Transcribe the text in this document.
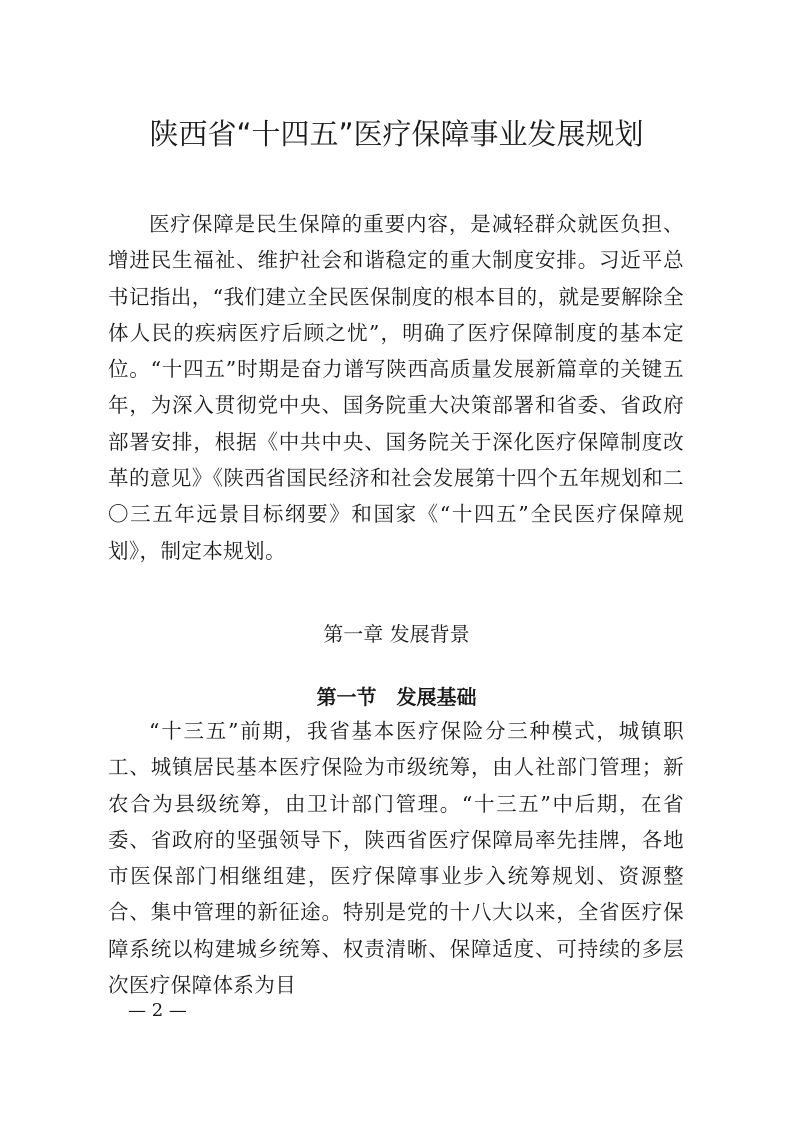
陕西省“十四五”医疗保障事业发展规划

医疗保障是民生保障的重要内容，是减轻群众就医负担、增进民生福祉、维护社会和谐稳定的重大制度安排。习近平总书记指出，“我们建立全民医保制度的根本目的，就是要解除全体人民的疾病医疗后顾之忧”，明确了医疗保障制度的基本定位。“十四五”时期是奋力谱写陕西高质量发展新篇章的关键五年，为深入贯彻党中央、国务院重大决策部署和省委、省政府部署安排，根据《中共中央、国务院关于深化医疗保障制度改革的意见》《陕西省国民经济和社会发展第十四个五年规划和二〇三五年远景目标纲要》和国家《“十四五”全民医疗保障规划》，制定本规划。

第一章 发展背景
第一节　发展基础

“十三五”前期，我省基本医疗保险分三种模式，城镇职工、城镇居民基本医疗保险为市级统筹，由人社部门管理；新农合为县级统筹，由卫计部门管理。“十三五”中后期，在省委、省政府的坚强领导下，陕西省医疗保障局率先挂牌，各地市医保部门相继组建，医疗保障事业步入统筹规划、资源整合、集中管理的新征途。特别是党的十八大以来，全省医疗保障系统以构建城乡统筹、权责清晰、保障适度、可持续的多层次医疗保障体系为目

— 2 —
